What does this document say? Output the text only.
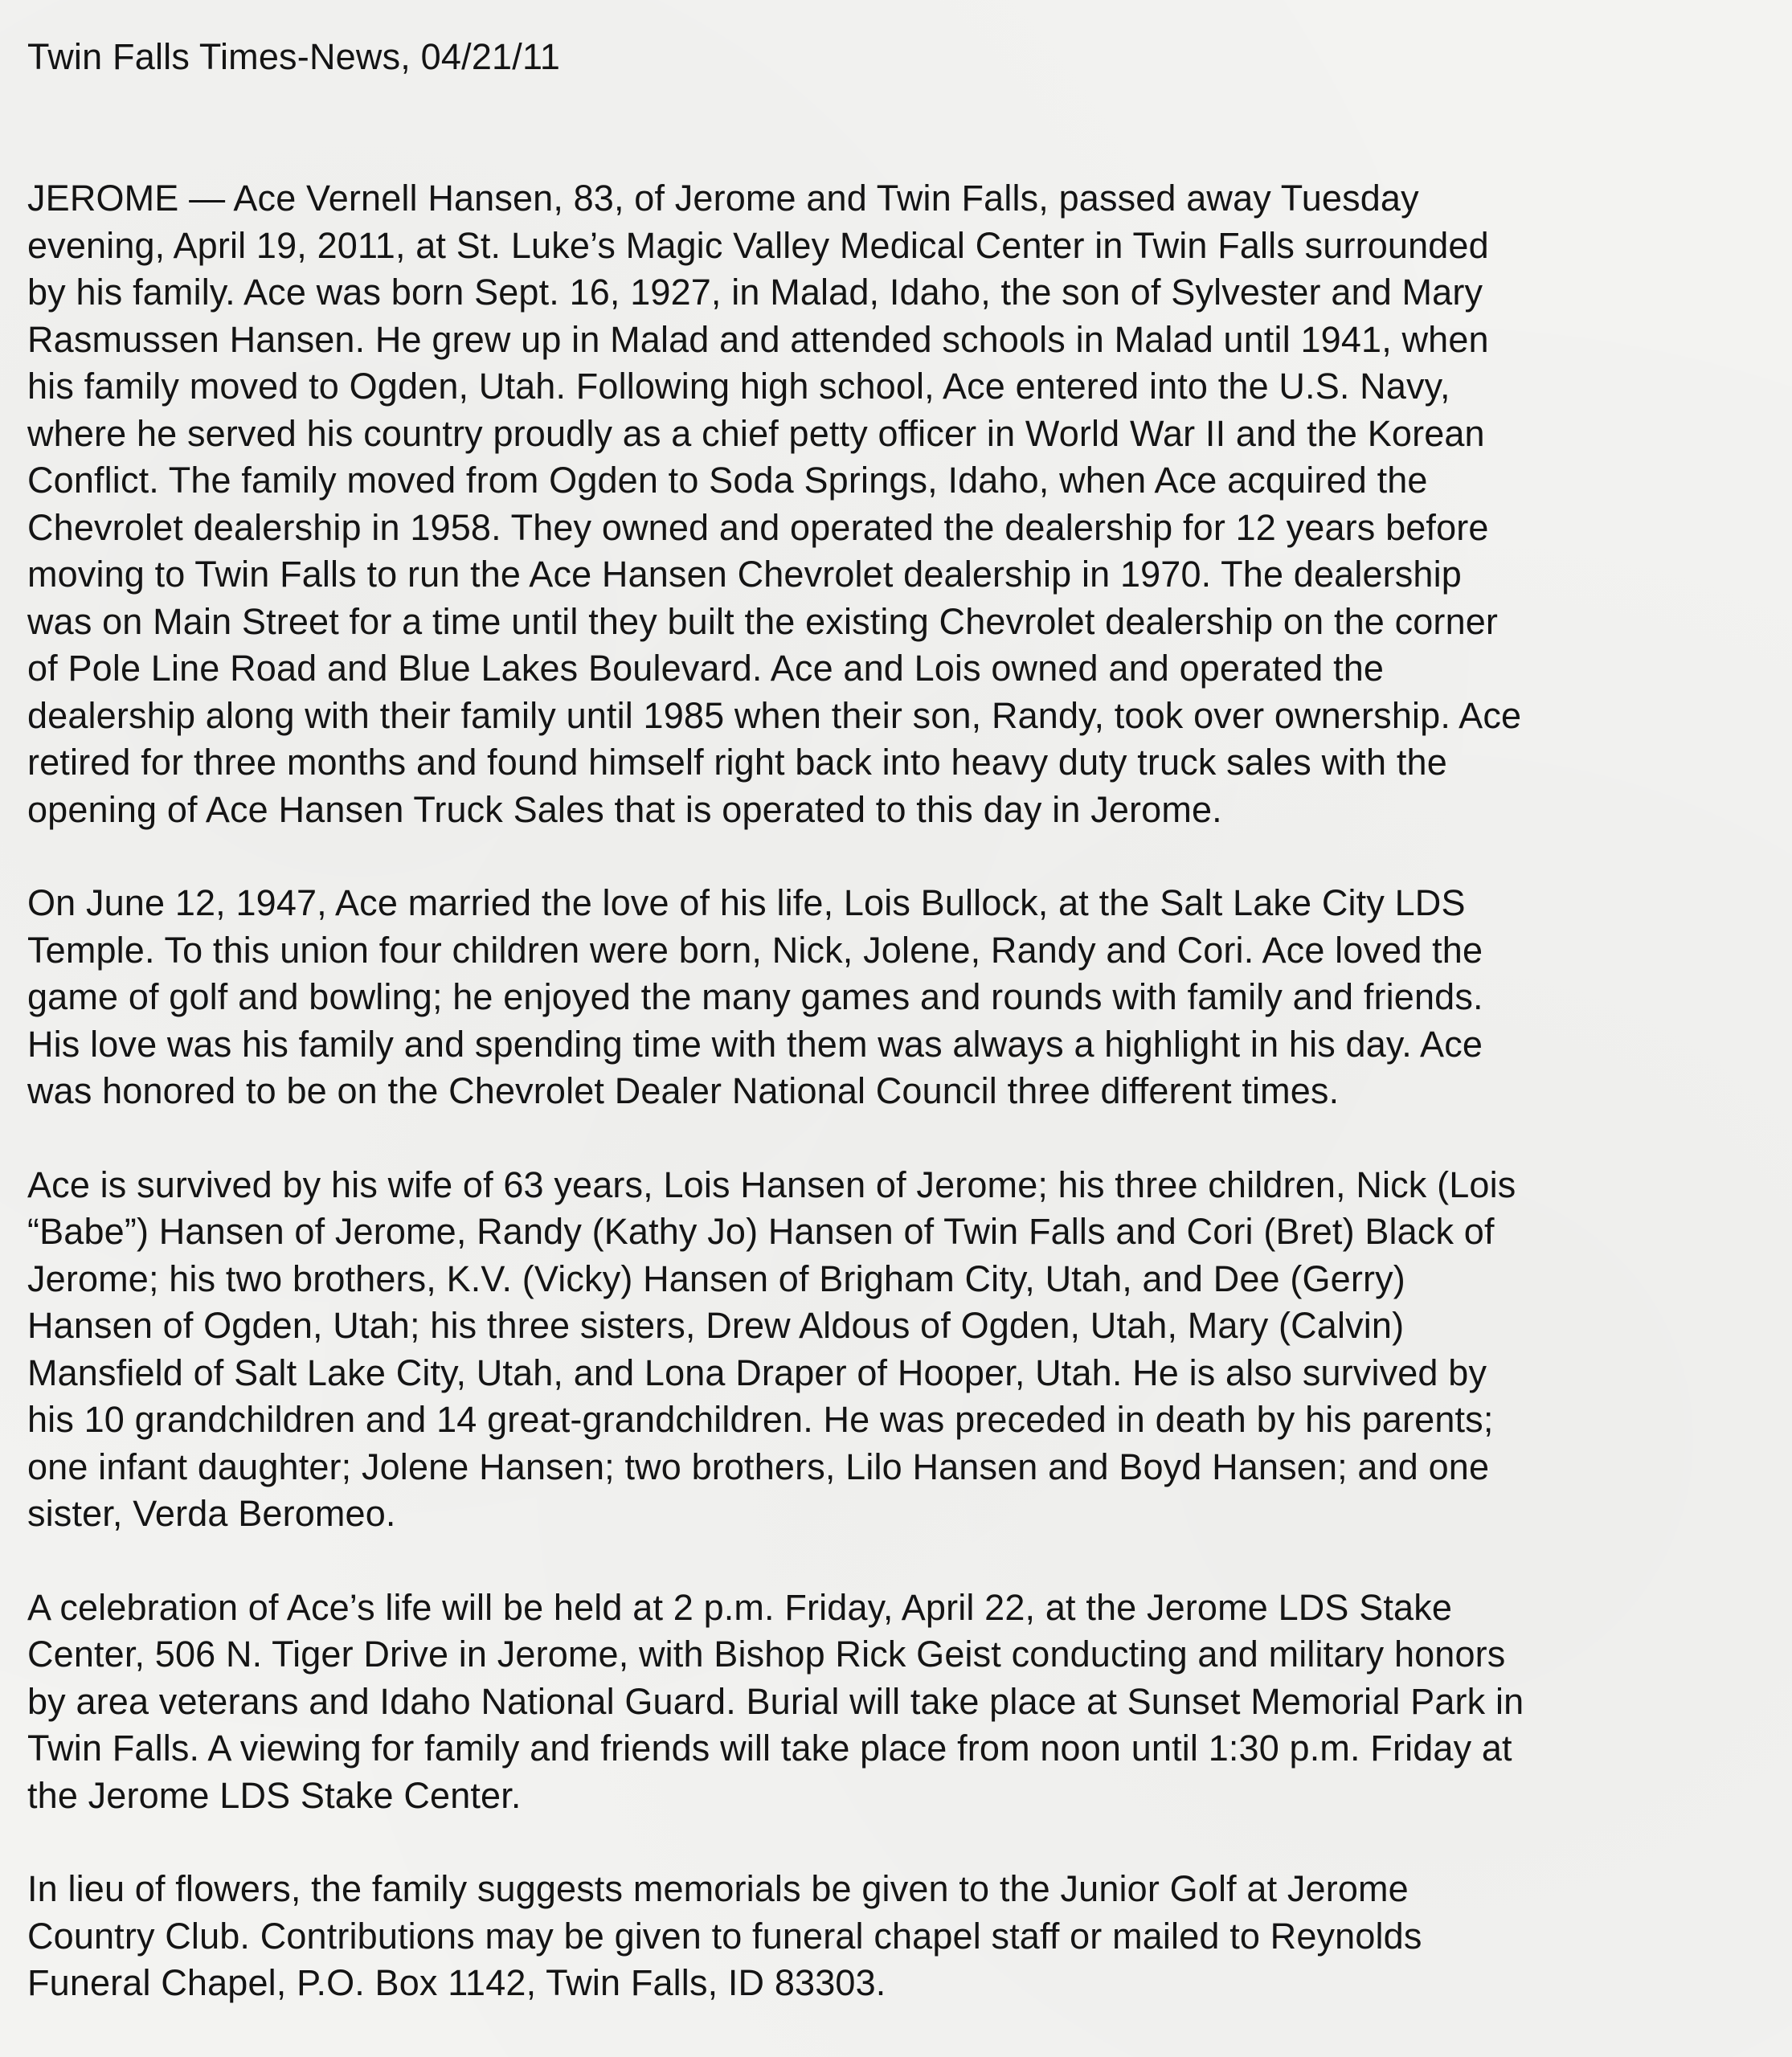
Twin Falls Times-News, 04/21/11

JEROME — Ace Vernell Hansen, 83, of Jerome and Twin Falls, passed away Tuesday
evening, April 19, 2011, at St. Luke’s Magic Valley Medical Center in Twin Falls surrounded
by his family. Ace was born Sept. 16, 1927, in Malad, Idaho, the son of Sylvester and Mary
Rasmussen Hansen. He grew up in Malad and attended schools in Malad until 1941, when
his family moved to Ogden, Utah. Following high school, Ace entered into the U.S. Navy,
where he served his country proudly as a chief petty officer in World War II and the Korean
Conflict. The family moved from Ogden to Soda Springs, Idaho, when Ace acquired the
Chevrolet dealership in 1958. They owned and operated the dealership for 12 years before
moving to Twin Falls to run the Ace Hansen Chevrolet dealership in 1970. The dealership
was on Main Street for a time until they built the existing Chevrolet dealership on the corner
of Pole Line Road and Blue Lakes Boulevard. Ace and Lois owned and operated the
dealership along with their family until 1985 when their son, Randy, took over ownership. Ace
retired for three months and found himself right back into heavy duty truck sales with the
opening of Ace Hansen Truck Sales that is operated to this day in Jerome.

On June 12, 1947, Ace married the love of his life, Lois Bullock, at the Salt Lake City LDS
Temple. To this union four children were born, Nick, Jolene, Randy and Cori. Ace loved the
game of golf and bowling; he enjoyed the many games and rounds with family and friends.
His love was his family and spending time with them was always a highlight in his day. Ace
was honored to be on the Chevrolet Dealer National Council three different times.

Ace is survived by his wife of 63 years, Lois Hansen of Jerome; his three children, Nick (Lois
“Babe”) Hansen of Jerome, Randy (Kathy Jo) Hansen of Twin Falls and Cori (Bret) Black of
Jerome; his two brothers, K.V. (Vicky) Hansen of Brigham City, Utah, and Dee (Gerry)
Hansen of Ogden, Utah; his three sisters, Drew Aldous of Ogden, Utah, Mary (Calvin)
Mansfield of Salt Lake City, Utah, and Lona Draper of Hooper, Utah. He is also survived by
his 10 grandchildren and 14 great-grandchildren. He was preceded in death by his parents;
one infant daughter; Jolene Hansen; two brothers, Lilo Hansen and Boyd Hansen; and one
sister, Verda Beromeo.

A celebration of Ace’s life will be held at 2 p.m. Friday, April 22, at the Jerome LDS Stake
Center, 506 N. Tiger Drive in Jerome, with Bishop Rick Geist conducting and military honors
by area veterans and Idaho National Guard. Burial will take place at Sunset Memorial Park in
Twin Falls. A viewing for family and friends will take place from noon until 1:30 p.m. Friday at
the Jerome LDS Stake Center.

In lieu of flowers, the family suggests memorials be given to the Junior Golf at Jerome
Country Club. Contributions may be given to funeral chapel staff or mailed to Reynolds
Funeral Chapel, P.O. Box 1142, Twin Falls, ID 83303.
